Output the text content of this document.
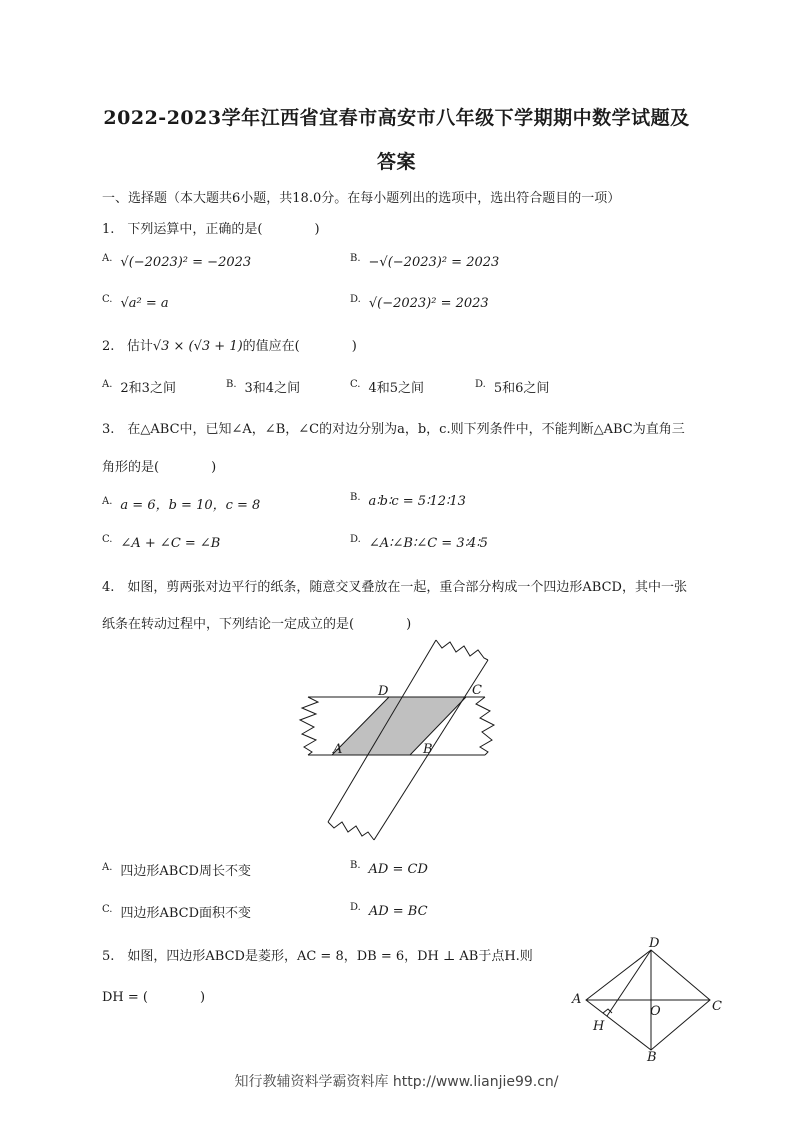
2022-2023学年江西省宜春市高安市八年级下学期期中数学试题及
答案
一、选择题（本大题共6小题，共18.0分。在每小题列出的选项中，选出符合题目的一项）
1.　下列运算中，正确的是(　　　　)
$^{A.}$ √(−2023)² = −2023	$^{B.}$ −√(−2023)² = 2023
$^{C.}$ √a² = a	$^{D.}$ √(−2023)² = 2023
2. 估计√3 × (√3 + 1)的值应在(　　　　)
$^{A.}$ 2和3之间	$^{B.}$ 3和4之间	$^{C.}$ 4和5之间	$^{D.}$ 5和6之间
3.　在△ABC中，已知∠A，∠B，∠C的对边分别为a，b，c.则下列条件中，不能判断△ABC为直角三
角形的是(　　　　)
$^{A.}$ a = 6，b = 10，c = 8
$^{B.}$ a∶b∶c = 5∶12∶13
$^{C.}$ ∠A + ∠C = ∠B	$^{D.}$ ∠A∶∠B∶∠C = 3∶4∶5
4.　如图，剪两张对边平行的纸条，随意交叉叠放在一起，重合部分构成一个四边形ABCD，其中一张
纸条在转动过程中，下列结论一定成立的是(　　　　)
D	C
A	B
$^{A.}$ 四边形ABCD周长不变	$^{B.}$ AD = CD
$^{C.}$ 四边形ABCD面积不变	$^{D.}$ AD = BC
5.　如图，四边形ABCD是菱形，AC = 8，DB = 6，DH ⊥ AB于点H.则
DH = (　　　　)
D
A	C
B
H
O
知行教辅资料学霸资料库 http://www.lianjie99.cn/
